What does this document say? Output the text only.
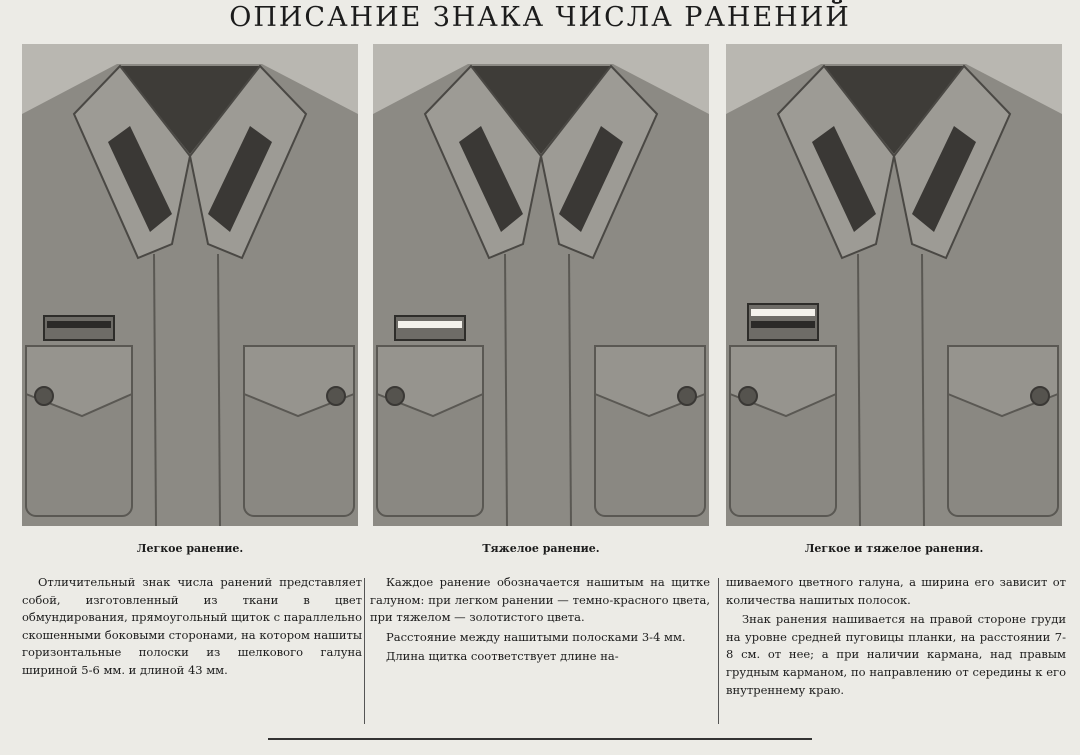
ОПИСАНИЕ ЗНАКА ЧИСЛА РАНЕНИЙ
Легкое ранение.	Тяжелое ранение.	Легкое и тяжелое ранения.

Отличительный знак числа ранений представляет собой, изготовленный из ткани в цвет обмундирования, прямоугольный щиток с параллельно скошенными боковыми сторонами, на котором нашиты горизонтальные полоски из шелкового галуна шириной 5-6 мм. и длиной 43 мм.

Каждое ранение обозначается нашитым на щитке галуном: при легком ранении — темно-красного цвета, при тяжелом — золотистого цвета.

Расстояние между нашитыми полосками 3-4 мм.

Длина щитка соответствует длине на-

шиваемого цветного галуна, а ширина его зависит от количества нашитых полосок.

Знак ранения нашивается на правой стороне груди на уровне средней пуговицы планки, на расстоянии 7-8 см. от нее; а при наличии кармана, над правым грудным карманом, по направлению от середины к его внутреннему краю.
